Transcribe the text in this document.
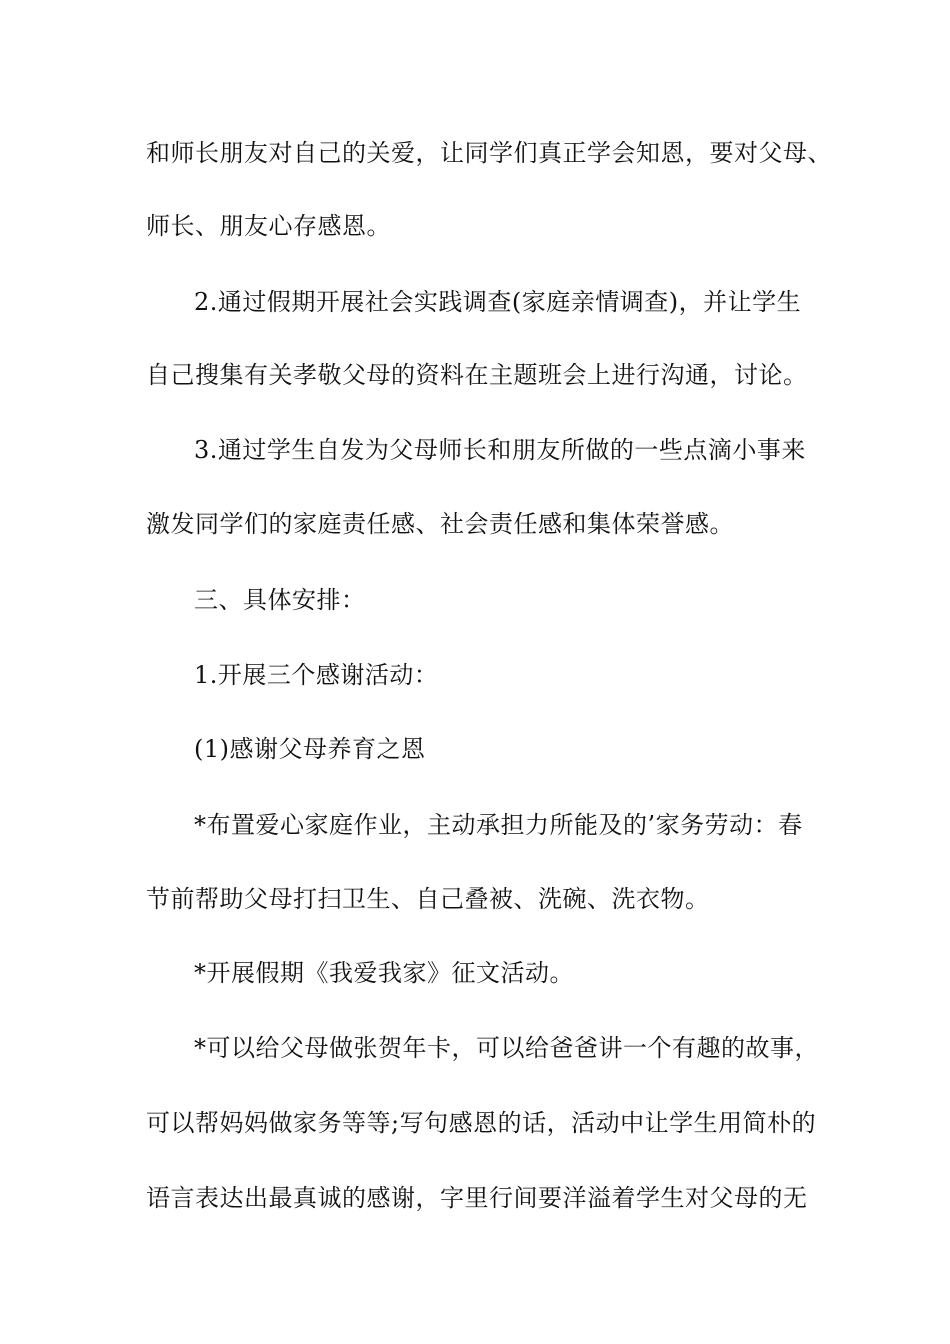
和师长朋友对自己的关爱，让同学们真正学会知恩，要对父母、
师长、朋友心存感恩。
2.通过假期开展社会实践调查(家庭亲情调查)，并让学生
自己搜集有关孝敬父母的资料在主题班会上进行沟通，讨论。
3.通过学生自发为父母师长和朋友所做的一些点滴小事来
激发同学们的家庭责任感、社会责任感和集体荣誉感。
三、具体安排：
1.开展三个感谢活动：
(1)感谢父母养育之恩
*布置爱心家庭作业，主动承担力所能及的’家务劳动：春
节前帮助父母打扫卫生、自己叠被、洗碗、洗衣物。
*开展假期《我爱我家》征文活动。
*可以给父母做张贺年卡，可以给爸爸讲一个有趣的故事，
可以帮妈妈做家务等等;写句感恩的话，活动中让学生用简朴的
语言表达出最真诚的感谢，字里行间要洋溢着学生对父母的无
